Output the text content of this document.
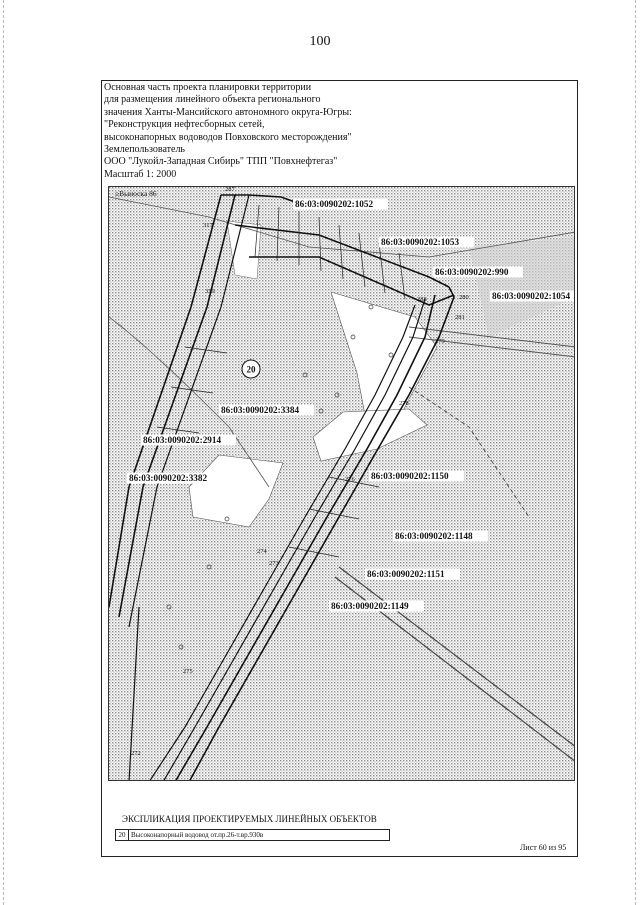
100
Основная часть проекта планировки территории
для размещения линейного объекта регионального
значения Ханты-Мансийского автономного округа-Югры:
"Реконструкция нефтесборных сетей,
высоконапорных водоводов Повховского месторождения"
Землепользователь
ООО "Лукойл-Западная Сибирь" ТПП "Повхнефтегаз"
Масштаб 1: 2000
20
≥Выноска 86
86:03:0090202:1052
86:03:0090202:1053
86:03:0090202:990
86:03:0090202:1054
86:03:0090202:3384
86:03:0090202:2914
86:03:0090202:3382	86:03:0090202:1150
86:03:0090202:1148
86:03:0090202:1151
86:03:0090202:1149
287
288	280
281
279
278
276
274
273
272
275
319
317
ЭКСПЛИКАЦИЯ ПРОЕКТИРУЕМЫХ ЛИНЕЙНЫХ ОБЪЕКТОВ
20 Высоконапорный водовод от.пр.26-т.вр.930в
Лист 60 из 95
